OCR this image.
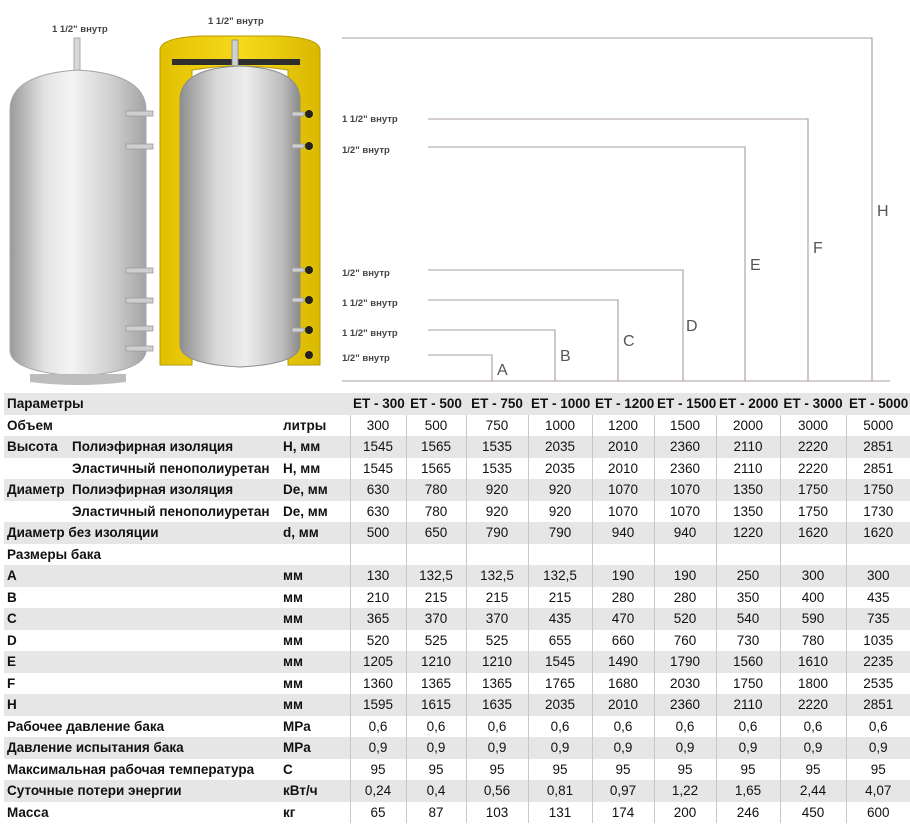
1 1/2" внутр
1 1/2" внутр
1 1/2" внутр
1/2" внутр
1/2" внутр
1 1/2" внутр
1 1/2" внутр
1/2" внутр
A
B
C
D
E
F
H
Параметры			ET - 300	ET - 500	ET - 750	ET - 1000	ET - 1200	ET - 1500	ET - 2000	ET - 3000	ET - 5000
Объем		литры	300	500	750	1000	1200	1500	2000	3000	5000
Высота	Полиэфирная изоляция	H, мм	1545	1565	1535	2035	2010	2360	2110	2220	2851
	Эластичный пенополиуретан	H, мм	1545	1565	1535	2035	2010	2360	2110	2220	2851
Диаметр	Полиэфирная изоляция	De, мм	630	780	920	920	1070	1070	1350	1750	1750
	Эластичный пенополиуретан	De, мм	630	780	920	920	1070	1070	1350	1750	1730
Диаметр без изоляции		d, мм	500	650	790	790	940	940	1220	1620	1620
Размеры бака											
A		мм	130	132,5	132,5	132,5	190	190	250	300	300
B		мм	210	215	215	215	280	280	350	400	435
C		мм	365	370	370	435	470	520	540	590	735
D		мм	520	525	525	655	660	760	730	780	1035
E		мм	1205	1210	1210	1545	1490	1790	1560	1610	2235
F		мм	1360	1365	1365	1765	1680	2030	1750	1800	2535
H		мм	1595	1615	1635	2035	2010	2360	2110	2220	2851
Рабочее давление бака		MPa	0,6	0,6	0,6	0,6	0,6	0,6	0,6	0,6	0,6
Давление испытания бака		MPa	0,9	0,9	0,9	0,9	0,9	0,9	0,9	0,9	0,9
Максимальная рабочая температура		C	95	95	95	95	95	95	95	95	95
Суточные потери энергии		кВт/ч	0,24	0,4	0,56	0,81	0,97	1,22	1,65	2,44	4,07
Масса		кг	65	87	103	131	174	200	246	450	600
